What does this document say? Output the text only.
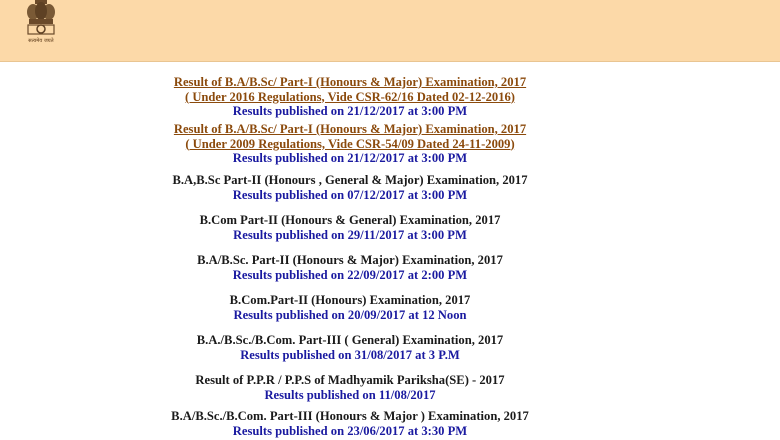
सत्यमेव जयते
Result of B.A/B.Sc/ Part-I (Honours & Major) Examination, 2017
( Under 2016 Regulations, Vide CSR-62/16 Dated 02-12-2016)
Results published on 21/12/2017 at 3:00 PM
Result of B.A/B.Sc/ Part-I (Honours & Major) Examination, 2017
( Under 2009 Regulations, Vide CSR-54/09 Dated 24-11-2009)
Results published on 21/12/2017 at 3:00 PM
B.A,B.Sc Part-II (Honours , General & Major) Examination, 2017
Results published on 07/12/2017 at 3:00 PM
B.Com Part-II (Honours & General) Examination, 2017
Results published on 29/11/2017 at 3:00 PM
B.A/B.Sc. Part-II (Honours & Major) Examination, 2017
Results published on 22/09/2017 at 2:00 PM
B.Com.Part-II (Honours) Examination, 2017
Results published on 20/09/2017 at 12 Noon
B.A./B.Sc./B.Com. Part-III ( General) Examination, 2017
Results published on 31/08/2017 at 3 P.M
Result of P.P.R / P.P.S of Madhyamik Pariksha(SE) - 2017
Results published on 11/08/2017
B.A/B.Sc./B.Com. Part-III (Honours & Major ) Examination, 2017
Results published on 23/06/2017 at 3:30 PM
